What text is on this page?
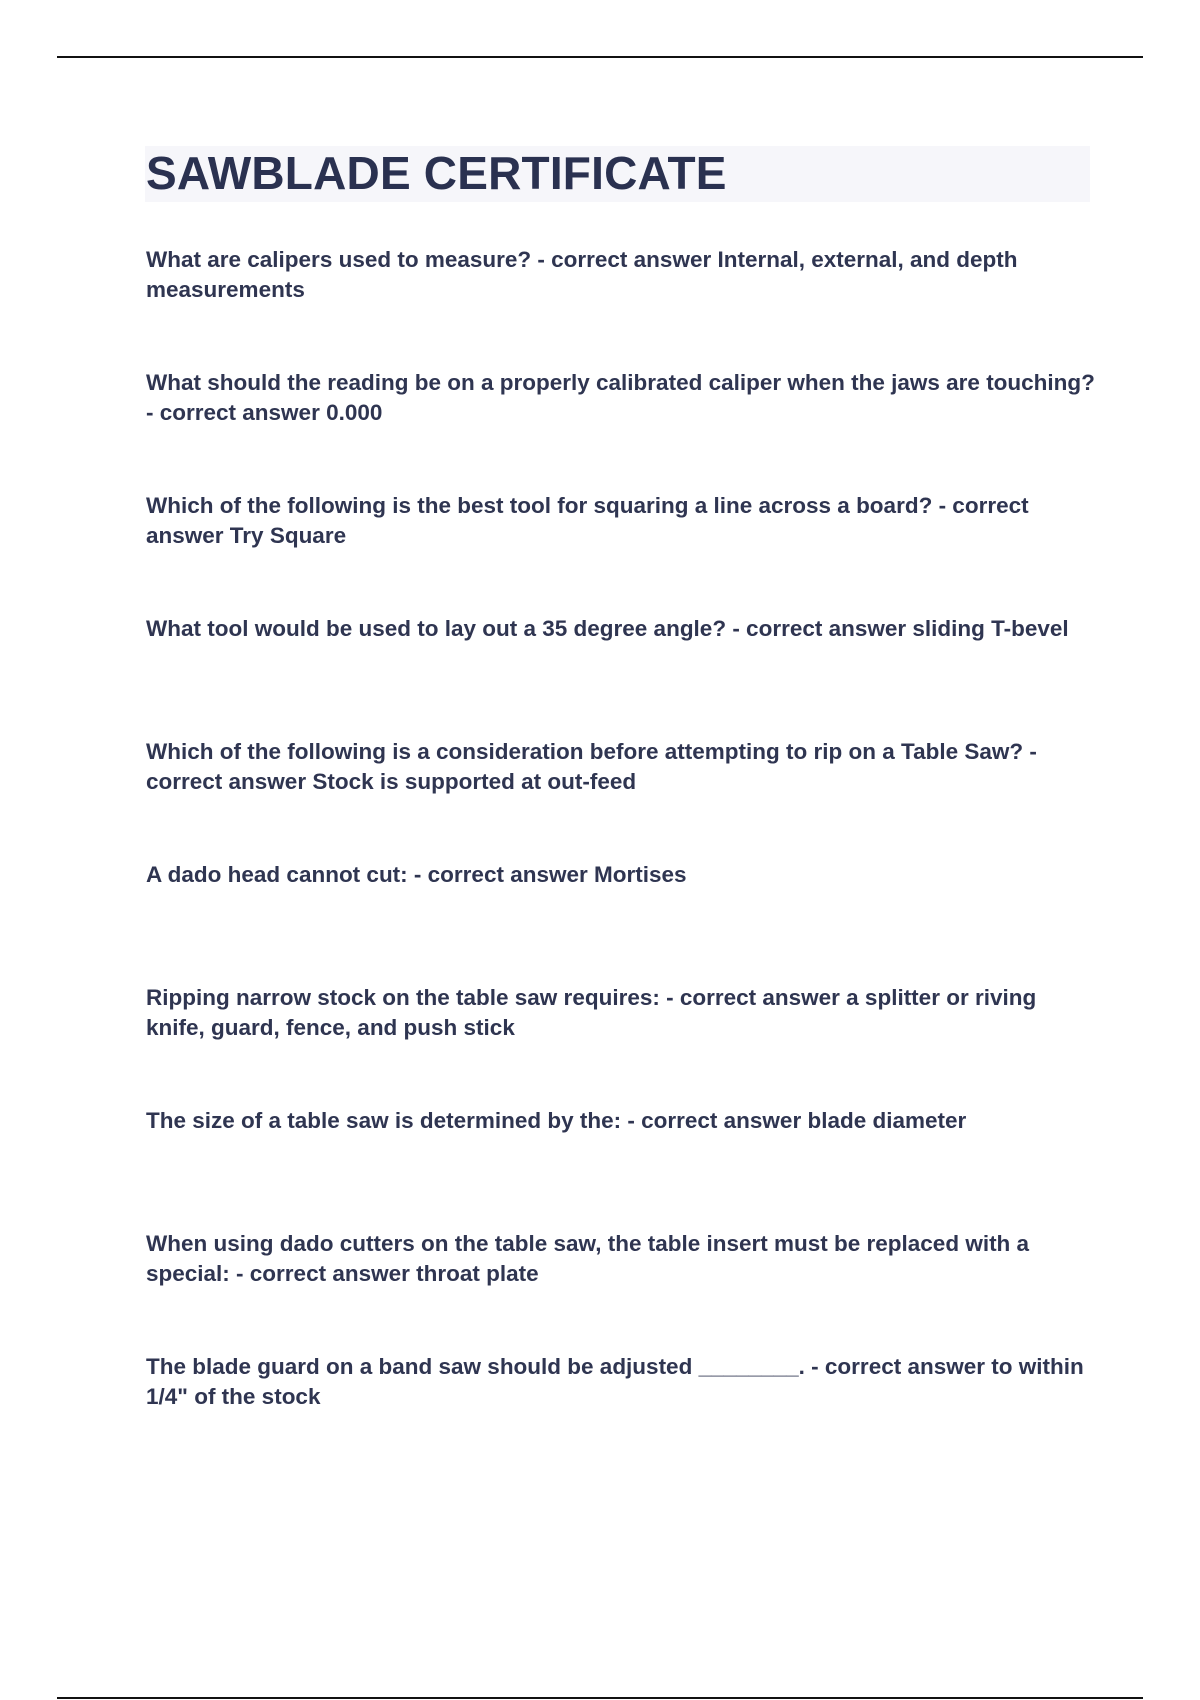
SAWBLADE CERTIFICATE
What are calipers used to measure? - correct answer Internal, external, and depth measurements
What should the reading be on a properly calibrated caliper when the jaws are touching? - correct answer 0.000
Which of the following is the best tool for squaring a line across a board? - correct answer Try Square
What tool would be used to lay out a 35 degree angle? - correct answer sliding T-bevel
Which of the following is a consideration before attempting to rip on a Table Saw? - correct answer Stock is supported at out-feed
A dado head cannot cut: - correct answer Mortises
Ripping narrow stock on the table saw requires: - correct answer a splitter or riving knife, guard, fence, and push stick
The size of a table saw is determined by the: - correct answer blade diameter
When using dado cutters on the table saw, the table insert must be replaced with a special: - correct answer throat plate
The blade guard on a band saw should be adjusted ________. - correct answer to within 1/4" of the stock
